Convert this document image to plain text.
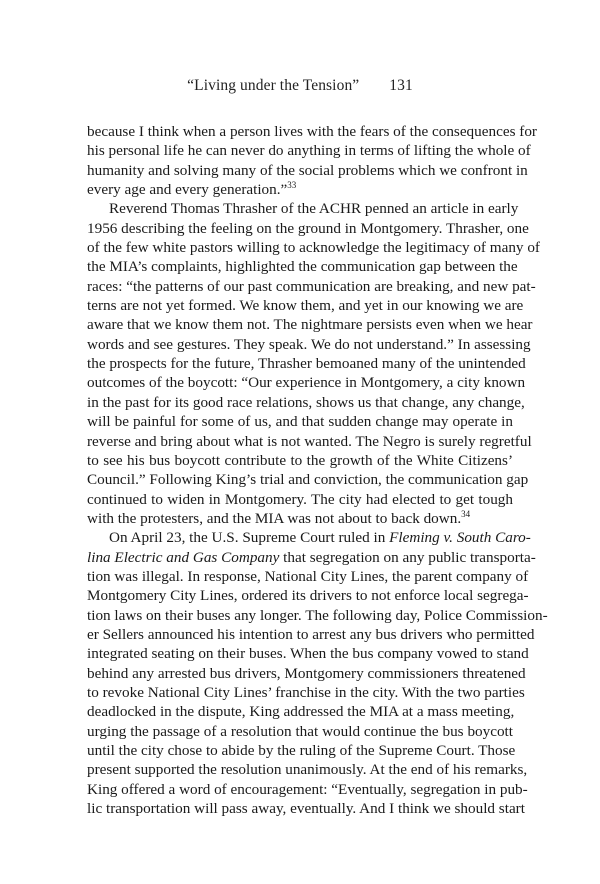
“Living under the Tension” 131

because I think when a person lives with the fears of the consequences for
his personal life he can never do anything in terms of lifting the whole of
humanity and solving many of the social problems which we confront in
every age and every generation.”$^{33}$

Reverend Thomas Thrasher of the ACHR penned an article in early
1956 describing the feeling on the ground in Montgomery. Thrasher, one
of the few white pastors willing to acknowledge the legitimacy of many of
the MIA’s complaints, highlighted the communication gap between the
races: “the patterns of our past communication are breaking, and new pat-
terns are not yet formed. We know them, and yet in our knowing we are
aware that we know them not. The nightmare persists even when we hear
words and see gestures. They speak. We do not understand.” In assessing
the prospects for the future, Thrasher bemoaned many of the unintended
outcomes of the boycott: “Our experience in Montgomery, a city known
in the past for its good race relations, shows us that change, any change,
will be painful for some of us, and that sudden change may operate in
reverse and bring about what is not wanted. The Negro is surely regretful
to see his bus boycott contribute to the growth of the White Citizens’
Council.” Following King’s trial and conviction, the communication gap
continued to widen in Montgomery. The city had elected to get tough
with the protesters, and the MIA was not about to back down.$^{34}$

On April 23, the U.S. Supreme Court ruled in Fleming v. South Caro-
lina Electric and Gas Company that segregation on any public transporta-
tion was illegal. In response, National City Lines, the parent company of
Montgomery City Lines, ordered its drivers to not enforce local segrega-
tion laws on their buses any longer. The following day, Police Commission-
er Sellers announced his intention to arrest any bus drivers who permitted
integrated seating on their buses. When the bus company vowed to stand
behind any arrested bus drivers, Montgomery commissioners threatened
to revoke National City Lines’ franchise in the city. With the two parties
deadlocked in the dispute, King addressed the MIA at a mass meeting,
urging the passage of a resolution that would continue the bus boycott
until the city chose to abide by the ruling of the Supreme Court. Those
present supported the resolution unanimously. At the end of his remarks,
King offered a word of encouragement: “Eventually, segregation in pub-
lic transportation will pass away, eventually. And I think we should start
